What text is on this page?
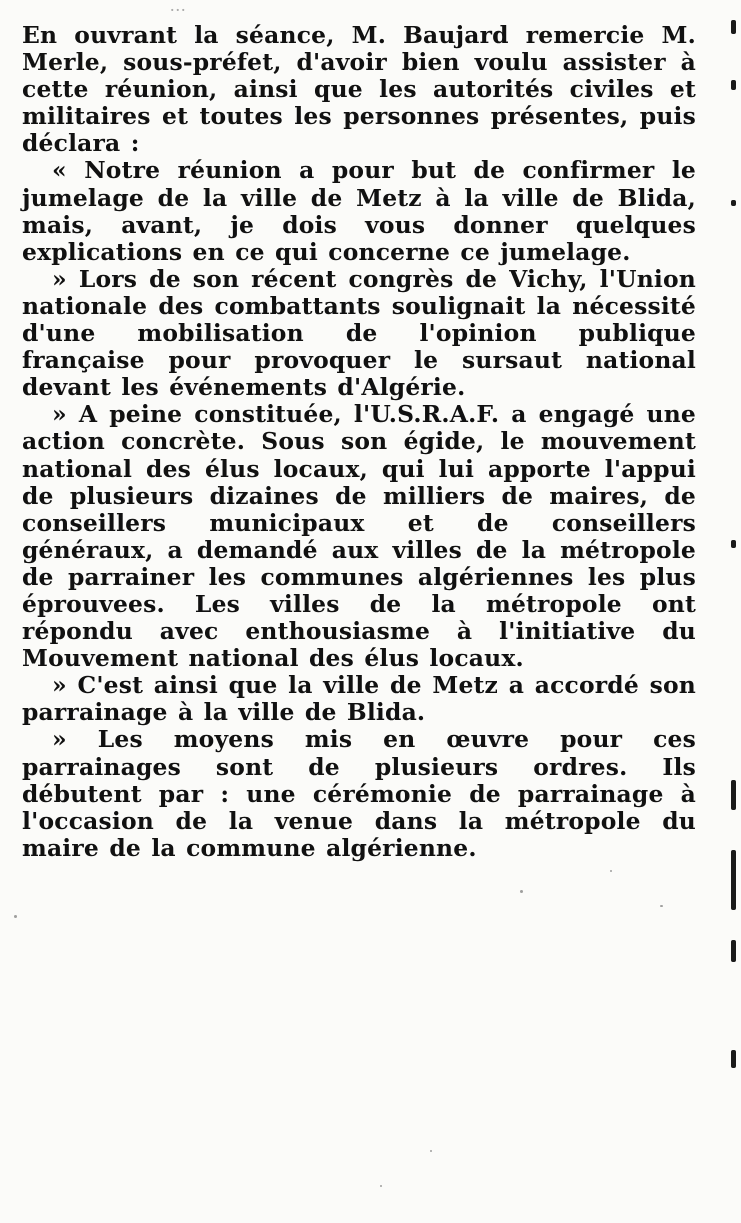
...

En ouvrant la séance, M. Baujard remercie M. Merle, sous-préfet, d'avoir bien voulu assister à cette réunion, ainsi que les autorités civiles et militaires et toutes les personnes présentes, puis déclara :

« Notre réunion a pour but de confirmer le jumelage de la ville de Metz à la ville de Blida, mais, avant, je dois vous donner quelques explications en ce qui concerne ce jumelage.

» Lors de son récent congrès de Vichy, l'Union nationale des combattants soulignait la nécessité d'une mobilisation de l'opinion publique française pour provoquer le sursaut national devant les événements d'Algérie.

» A peine constituée, l'U.S.R.A.F. a engagé une action concrète. Sous son égide, le mouvement national des élus locaux, qui lui apporte l'appui de plusieurs dizaines de milliers de maires, de conseillers municipaux et de conseillers généraux, a demandé aux villes de la métropole de parrainer les communes algériennes les plus éprouvees. Les villes de la métropole ont répondu avec enthousiasme à l'initiative du Mouvement national des élus locaux.

» C'est ainsi que la ville de Metz a accordé son parrainage à la ville de Blida.

» Les moyens mis en œuvre pour ces parrainages sont de plusieurs ordres. Ils débutent par : une cérémonie de parrainage à l'occasion de la venue dans la métropole du maire de la commune algérienne.
